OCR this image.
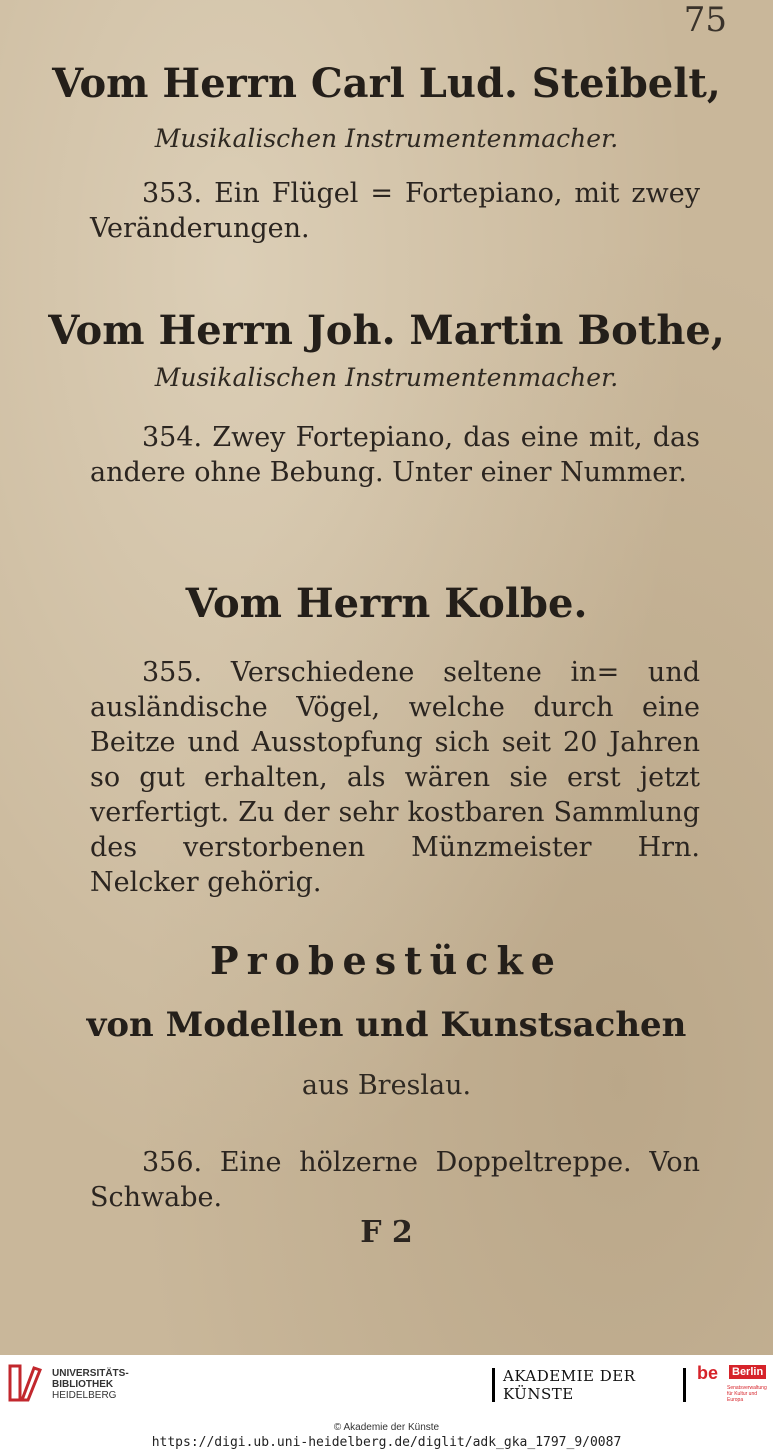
75
Vom Herrn Carl Lud. Steibelt,
Musikalischen Instrumentenmacher.
353. Ein Flügel = Fortepiano, mit zwey Veränderungen.
Vom Herrn Joh. Martin Bothe,
Musikalischen Instrumentenmacher.
354. Zwey Fortepiano, das eine mit, das andere ohne Bebung. Unter einer Nummer.
Vom Herrn Kolbe.
355. Verschiedene seltene in= und ausländische Vögel, welche durch eine Beitze und Ausstopfung sich seit 20 Jahren so gut erhalten, als wären sie erst jetzt verfertigt. Zu der sehr kostbaren Sammlung des verstorbenen Münzmeister Hrn. Nelcker gehörig.
Probestücke
von Modellen und Kunstsachen
aus Breslau.
356. Eine hölzerne Doppeltreppe. Von Schwabe.
F 2
UNIVERSITÄTS-
BIBLIOTHEK
HEIDELBERG
AKADEMIE DER KÜNSTE
be Berlin
Senatsverwaltung für Kultur und Europa
© Akademie der Künste
https://digi.ub.uni-heidelberg.de/diglit/adk_gka_1797_9/0087
